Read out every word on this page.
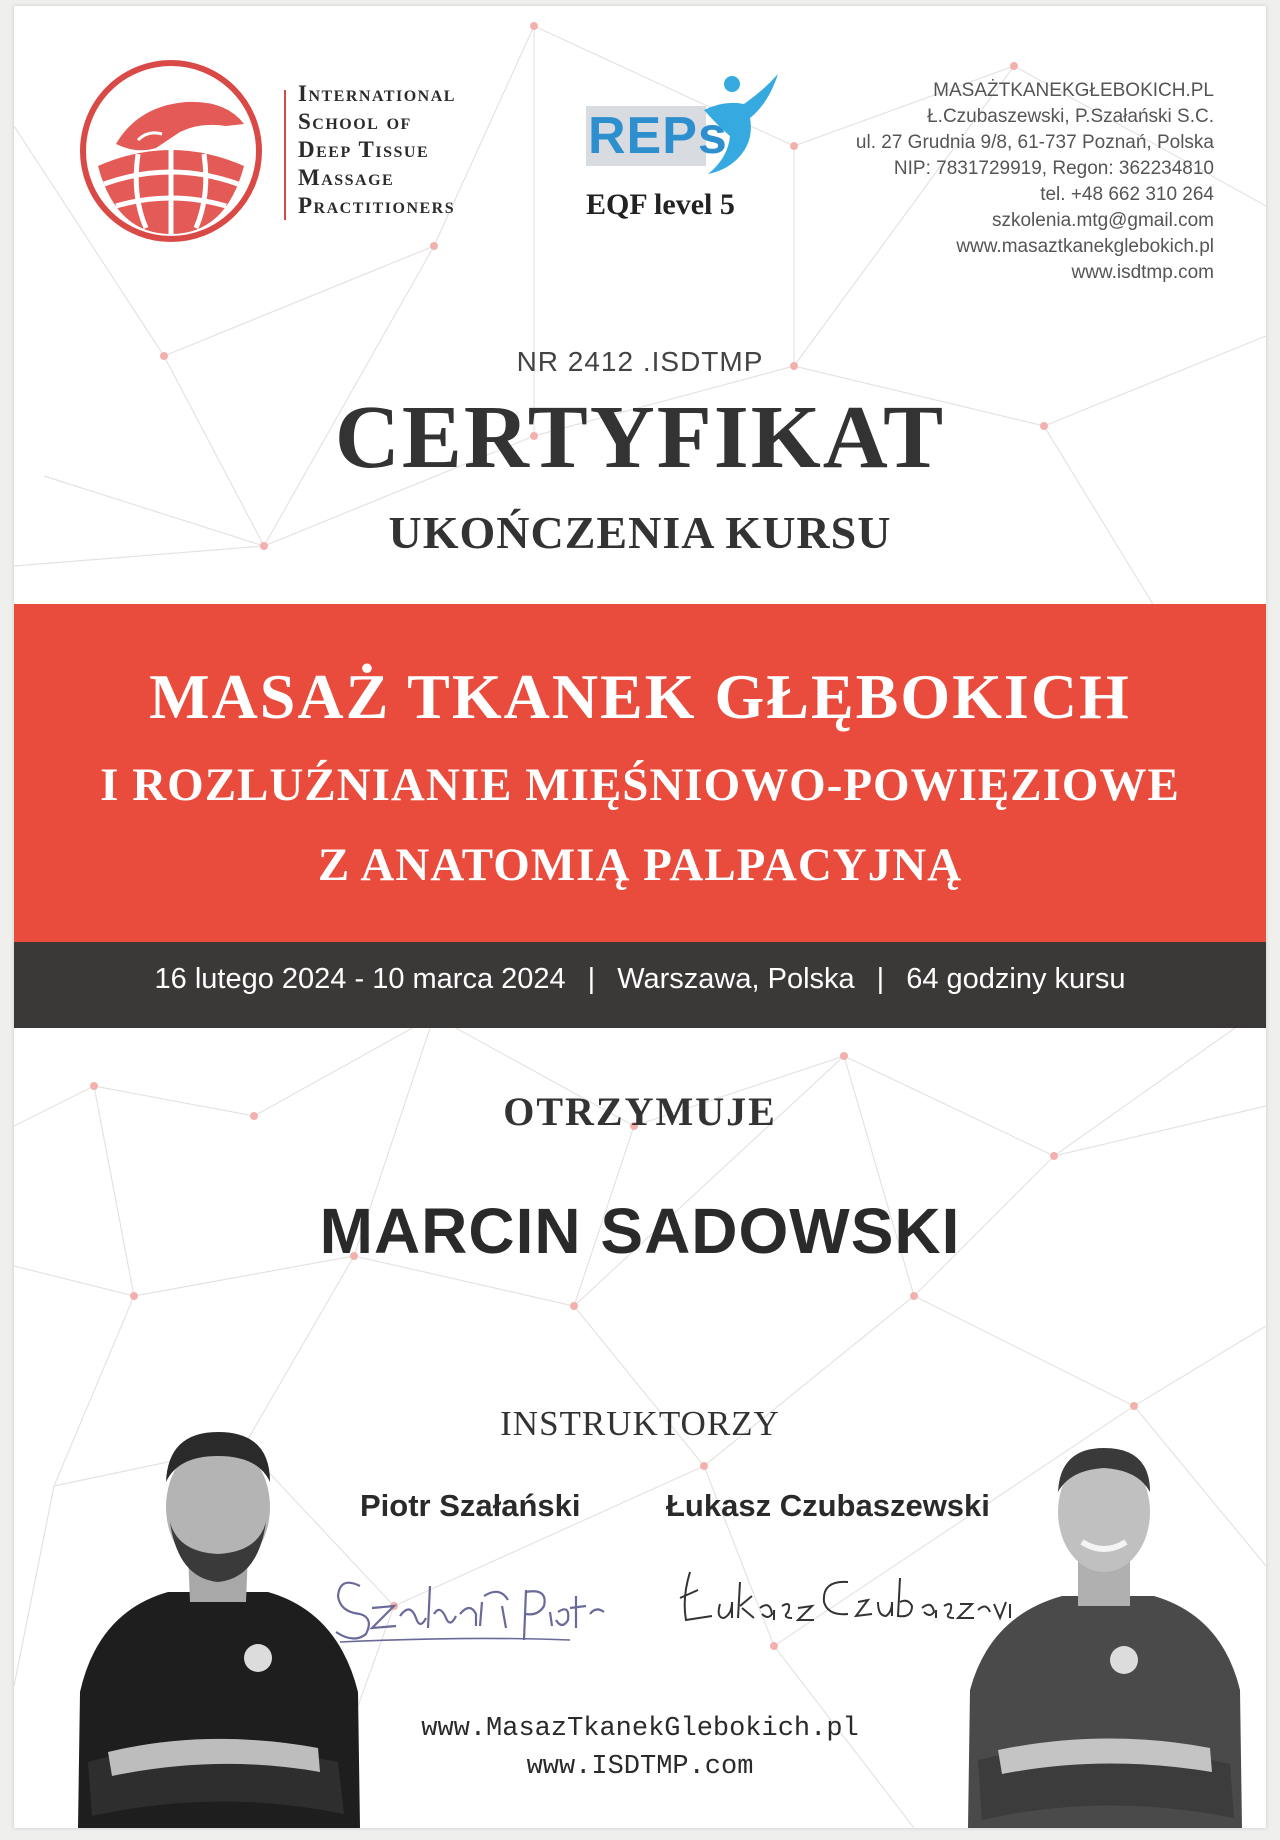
International
School of
Deep Tissue
Massage
Practitioners
REPs
EQF level 5
MASAŻTKANEKGŁEBOKICH.PL
Ł.Czubaszewski, P.Szałański S.C.
ul. 27 Grudnia 9/8, 61-737 Poznań, Polska
NIP: 7831729919, Regon: 362234810
tel. +48 662 310 264
szkolenia.mtg@gmail.com
www.masaztkanekglebokich.pl
www.isdtmp.com
NR 2412 .ISDTMP
CERTYFIKAT
UKOŃCZENIA KURSU
MASAŻ TKANEK GŁĘBOKICH
I ROZLUŹNIANIE MIĘŚNIOWO-POWIĘZIOWE
Z ANATOMIĄ PALPACYJNĄ
16 lutego 2024 - 10 marca 2024 | Warszawa, Polska | 64 godziny kursu
OTRZYMUJE
MARCIN SADOWSKI
INSTRUKTORZY
Piotr Szałański	Łukasz Czubaszewski
www.MasazTkanekGlebokich.pl
www.ISDTMP.com
